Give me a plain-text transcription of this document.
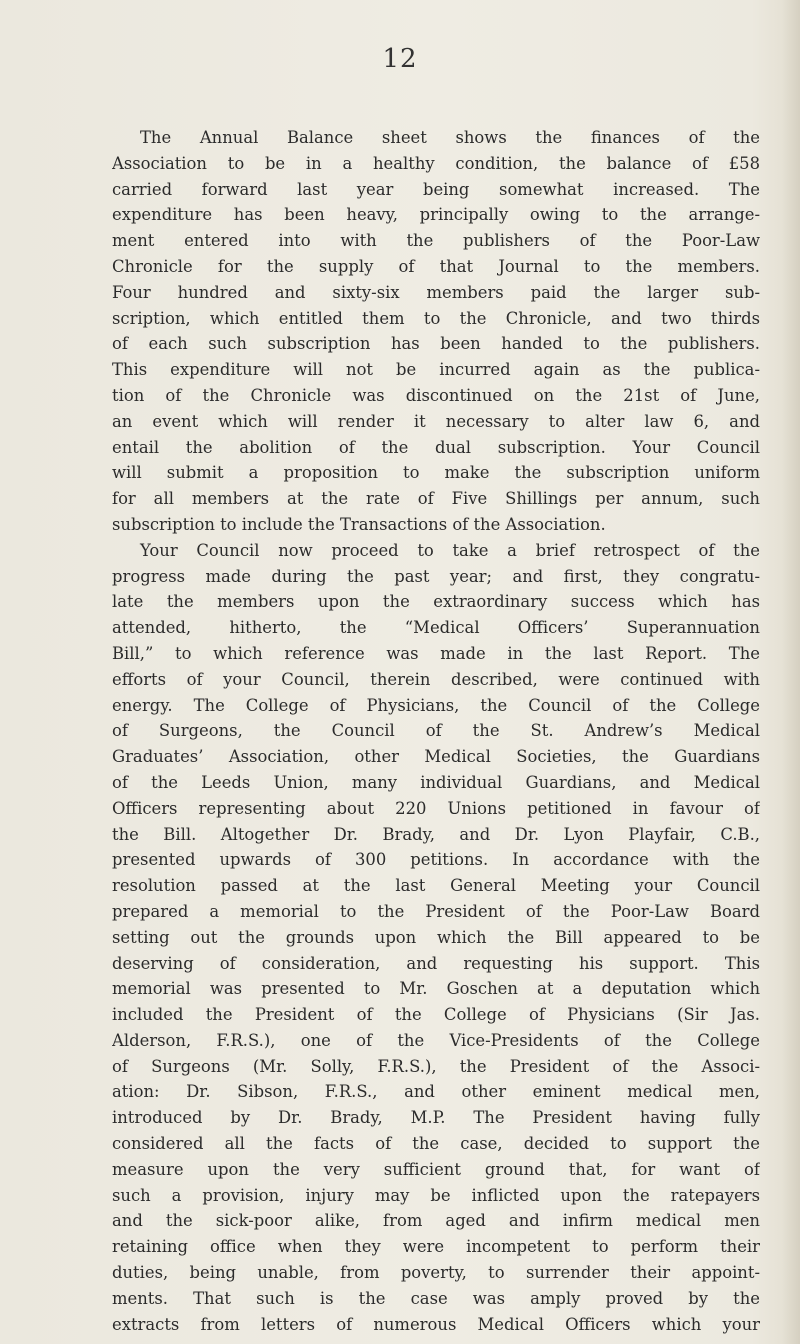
12
The Annual Balance sheet shows the finances of the
Association to be in a healthy condition, the balance of £58
carried forward last year being somewhat increased. The
expenditure has been heavy, principally owing to the arrange-
ment entered into with the publishers of the Poor-Law
Chronicle for the supply of that Journal to the members.
Four hundred and sixty-six members paid the larger sub-
scription, which entitled them to the Chronicle, and two thirds
of each such subscription has been handed to the publishers.
This expenditure will not be incurred again as the publica-
tion of the Chronicle was discontinued on the 21st of June,
an event which will render it necessary to alter law 6, and
entail the abolition of the dual subscription. Your Council
will submit a proposition to make the subscription uniform
for all members at the rate of Five Shillings per annum, such
subscription to include the Transactions of the Association.
Your Council now proceed to take a brief retrospect of the
progress made during the past year; and first, they congratu-
late the members upon the extraordinary success which has
attended, hitherto, the “Medical Officers’ Superannuation
Bill,” to which reference was made in the last Report. The
efforts of your Council, therein described, were continued with
energy. The College of Physicians, the Council of the College
of Surgeons, the Council of the St. Andrew’s Medical
Graduates’ Association, other Medical Societies, the Guardians
of the Leeds Union, many individual Guardians, and Medical
Officers representing about 220 Unions petitioned in favour of
the Bill. Altogether Dr. Brady, and Dr. Lyon Playfair, C.B.,
presented upwards of 300 petitions. In accordance with the
resolution passed at the last General Meeting your Council
prepared a memorial to the President of the Poor-Law Board
setting out the grounds upon which the Bill appeared to be
deserving of consideration, and requesting his support. This
memorial was presented to Mr. Goschen at a deputation which
included the President of the College of Physicians (Sir Jas.
Alderson, F.R.S.), one of the Vice-Presidents of the College
of Surgeons (Mr. Solly, F.R.S.), the President of the Associ-
ation: Dr. Sibson, F.R.S., and other eminent medical men,
introduced by Dr. Brady, M.P. The President having fully
considered all the facts of the case, decided to support the
measure upon the very sufficient ground that, for want of
such a provision, injury may be inflicted upon the ratepayers
and the sick-poor alike, from aged and infirm medical men
retaining office when they were incompetent to perform their
duties, being unable, from poverty, to surrender their appoint-
ments. That such is the case was amply proved by the
extracts from letters of numerous Medical Officers which your
